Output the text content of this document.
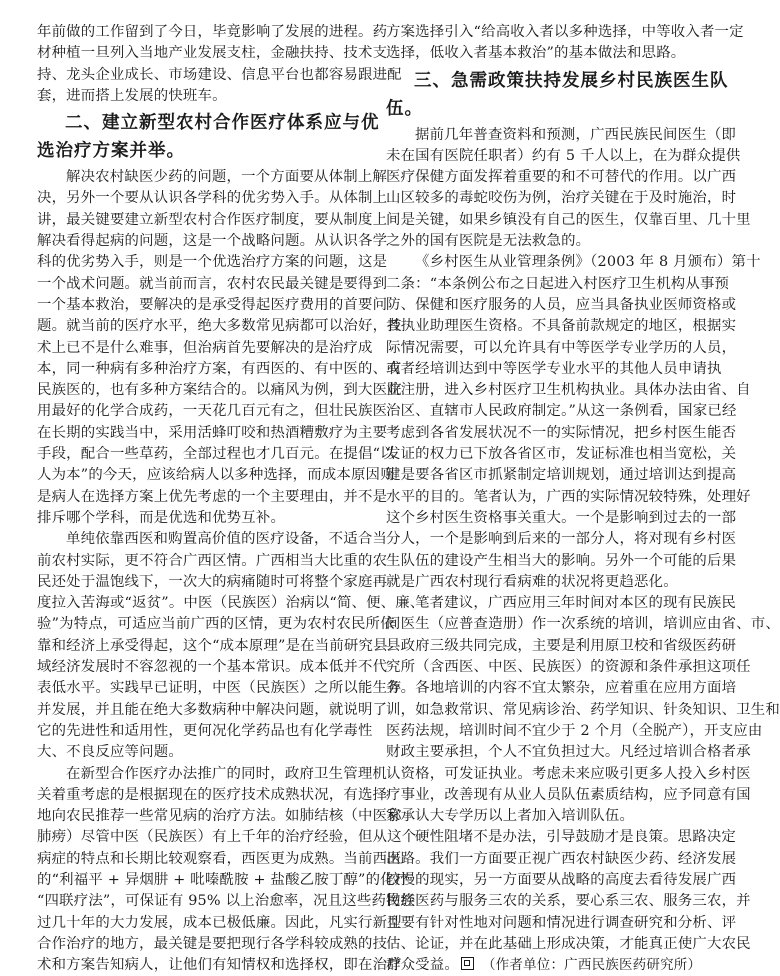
年前做的工作留到了今日，毕竟影响了发展的进程。药
材种植一旦列入当地产业发展支柱，金融扶持、技术支
持、龙头企业成长、市场建设、信息平台也都容易跟进配
套，进而搭上发展的快班车。
二、建立新型农村合作医疗体系应与优
选治疗方案并举。
解决农村缺医少药的问题，一个方面要从体制上解
决，另外一个要从认识各学科的优劣势入手。从体制上
讲，最关键要建立新型农村合作医疗制度，要从制度上
解决看得起病的问题，这是一个战略问题。从认识各学
科的优劣势入手，则是一个优选治疗方案的问题，这是
一个战术问题。就当前而言，农村农民最关键是要得到
一个基本救治，要解决的是承受得起医疗费用的首要问
题。就当前的医疗水平，绝大多数常见病都可以治好，技
术上已不是什么难事，但治病首先要解决的是治疗成
本，同一种病有多种治疗方案，有西医的、有中医的、有
民族医的，也有多种方案结合的。以痛风为例，到大医院
用最好的化学合成药，一天花几百元有之，但壮民族医
在长期的实践当中，采用活蜂叮咬和热酒糟敷疗为主要
手段，配合一些草药，全部过程也才几百元。在提倡“以
人为本”的今天，应该给病人以多种选择，而成本原因则
是病人在选择方案上优先考虑的一个主要理由，并不是
排斥哪个学科，而是优选和优势互补。
单纯依靠西医和购置高价值的医疗设备，不适合当
前农村实际，更不符合广西区情。广西相当大比重的农
民还处于温饱线下，一次大的病痛随时可将整个家庭再
度拉入苦海或“返贫”。中医（民族医）治病以“简、便、廉、
验”为特点，可适应当前广西的区情，更为农村农民所依
靠和经济上承受得起，这个“成本原理”是在当前研究县
域经济发展时不容忽视的一个基本常识。成本低并不代
表低水平。实践早已证明，中医（民族医）之所以能生存
并发展，并且能在绝大多数病种中解决问题，就说明了
它的先进性和适用性，更何况化学药品也有化学毒性
大、不良反应等问题。
在新型合作医疗办法推广的同时，政府卫生管理机
关着重考虑的是根据现在的医疗技术成熟状况，有选择
地向农民推荐一些常见病的治疗方法。如肺结核（中医称
肺痨）尽管中医（民族医）有上千年的治疗经验，但从这个
病症的特点和长期比较观察看，西医更为成熟。当前西医
的“利福平 + 异烟肼 + 吡嗪酰胺 + 盐酸乙胺丁醇”的化疗
“四联疗法”，可保证有 95% 以上治愈率，况且这些药物经
过几十年的大力发展，成本已极低廉。因此，凡实行新型
合作治疗的地方，最关键是要把现行各学科较成熟的技
术和方案告知病人，让他们有知情权和选择权，即在治疗
方案选择引入“给高收入者以多种选择，中等收入者一定
选择，低收入者基本救治”的基本做法和思路。
三、急需政策扶持发展乡村民族医生队
伍。
据前几年普查资料和预测，广西民族民间医生（即
未在国有医院任职者）约有 5 千人以上，在为群众提供
医疗保健方面发挥着重要的和不可替代的作用。以广西
山区较多的毒蛇咬伤为例，治疗关键在于及时施治，时
间是关键，如果乡镇没有自己的医生，仅靠百里、几十里
之外的国有医院是无法救急的。
《乡村医生从业管理条例》（2003 年 8 月颁布）第十
二条：“本条例公布之日起进入村医疗卫生机构从事预
防、保健和医疗服务的人员，应当具备执业医师资格或
者执业助理医生资格。不具备前款规定的地区，根据实
际情况需要，可以允许具有中等医学专业学历的人员，
或者经培训达到中等医学专业水平的其他人员申请执
业注册，进入乡村医疗卫生机构执业。具体办法由省、自
治区、直辖市人民政府制定。”从这一条例看，国家已经
考虑到各省发展状况不一的实际情况，把乡村医生能否
发证的权力已下放各省区市，发证标准也相当宽松，关
键是要各省区市抓紧制定培训规划，通过培训达到提高
水平的目的。笔者认为，广西的实际情况较特殊，处理好
这个乡村医生资格事关重大。一个是影响到过去的一部
分人，一个是影响到后来的一部分人，将对现有乡村医
生队伍的建设产生相当大的影响。另外一个可能的后果
就是广西农村现行看病难的状况将更趋恶化。
笔者建议，广西应用三年时间对本区的现有民族民
间医生（应普查造册）作一次系统的培训，培训应由省、市、
县政府三级共同完成，主要是利用原卫校和省级医药研
究所（含西医、中医、民族医）的资源和条件承担这项任
务。各地培训的内容不宜太繁杂，应着重在应用方面培
训，如急救常识、常见病诊治、药学知识、针灸知识、卫生和
医药法规，培训时间不宜少于 2 个月（全脱产），开支应由
财政主要承担，个人不宜负担过大。凡经过培训合格者承
认资格，可发证执业。考虑未来应吸引更多人投入乡村医
疗事业，改善现有从业人员队伍素质结构，应予同意有国
家承认大专学历以上者加入培训队伍。
硬性阻堵不是办法，引导鼓励才是良策。思路决定
出路。我们一方面要正视广西农村缺医少药、经济发展
较慢的现实，另一方面要从战略的高度去看待发展广西
民族医药与服务三农的关系，要心系三农、服务三农，并
且要有针对性地对问题和情况进行调查研究和分析、评
估、论证，并在此基础上形成决策，才能真正使广大农民
群众受益。 （作者单位：广西民族医药研究所）
